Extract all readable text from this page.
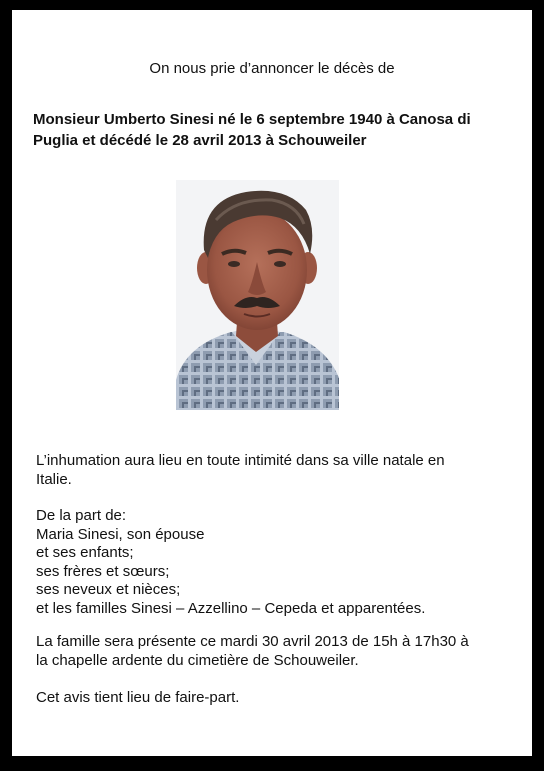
On nous prie d’annoncer le décès de

Monsieur Umberto Sinesi né le 6 septembre 1940 à Canosa di
Puglia et décédé le 28 avril 2013 à Schouweiler

L’inhumation aura lieu en toute intimité dans sa ville natale en
Italie.

De la part de:
Maria Sinesi, son épouse
et ses enfants;
ses frères et sœurs;
ses neveux et nièces;
et les familles Sinesi – Azzellino – Cepeda et apparentées.

La famille sera présente ce mardi 30 avril 2013 de 15h à 17h30 à
la chapelle ardente du cimetière de Schouweiler.

Cet avis tient lieu de faire-part.
